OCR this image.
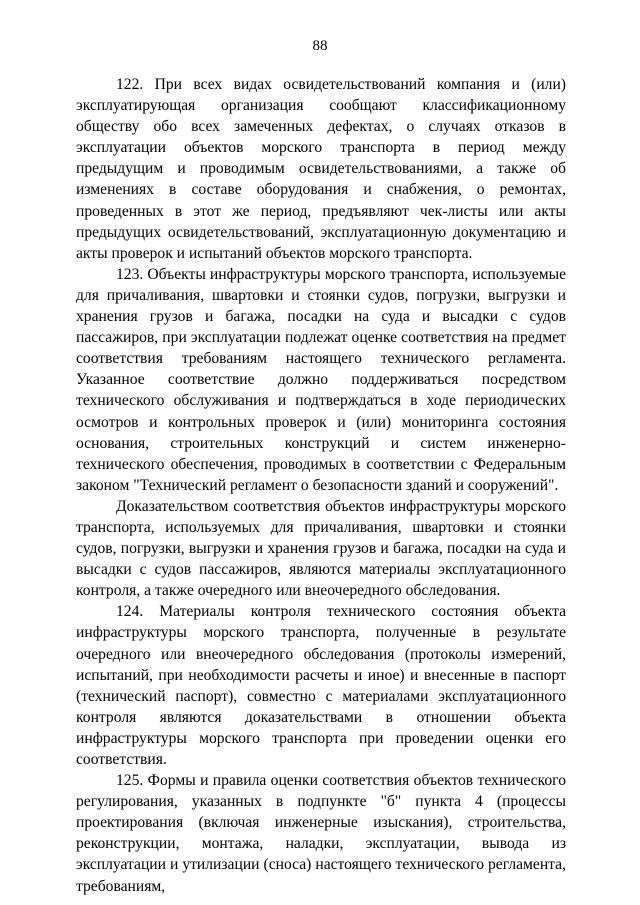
88

122. При всех видах освидетельствований компания и (или) эксплуатирующая организация сообщают классификационному обществу обо всех замеченных дефектах, о случаях отказов в эксплуатации объектов морского транспорта в период между предыдущим и проводимым освидетельствованиями, а также об изменениях в составе оборудования и снабжения, о ремонтах, проведенных в этот же период, предъявляют чек-листы или акты предыдущих освидетельствований, эксплуатационную документацию и акты проверок и испытаний объектов морского транспорта.

123. Объекты инфраструктуры морского транспорта, используемые для причаливания, швартовки и стоянки судов, погрузки, выгрузки и хранения грузов и багажа, посадки на суда и высадки с судов пассажиров, при эксплуатации подлежат оценке соответствия на предмет соответствия требованиям настоящего технического регламента. Указанное соответствие должно поддерживаться посредством технического обслуживания и подтверждаться в ходе периодических осмотров и контрольных проверок и (или) мониторинга состояния основания, строительных конструкций и систем инженерно-технического обеспечения, проводимых в соответствии с Федеральным законом "Технический регламент о безопасности зданий и сооружений".

Доказательством соответствия объектов инфраструктуры морского транспорта, используемых для причаливания, швартовки и стоянки судов, погрузки, выгрузки и хранения грузов и багажа, посадки на суда и высадки с судов пассажиров, являются материалы эксплуатационного контроля, а также очередного или внеочередного обследования.

124. Материалы контроля технического состояния объекта инфраструктуры морского транспорта, полученные в результате очередного или внеочередного обследования (протоколы измерений, испытаний, при необходимости расчеты и иное) и внесенные в паспорт (технический паспорт), совместно с материалами эксплуатационного контроля являются доказательствами в отношении объекта инфраструктуры морского транспорта при проведении оценки его соответствия.

125. Формы и правила оценки соответствия объектов технического регулирования, указанных в подпункте "б" пункта 4 (процессы проектирования (включая инженерные изыскания), строительства, реконструкции, монтажа, наладки, эксплуатации, вывода из эксплуатации и утилизации (сноса) настоящего технического регламента, требованиям,
